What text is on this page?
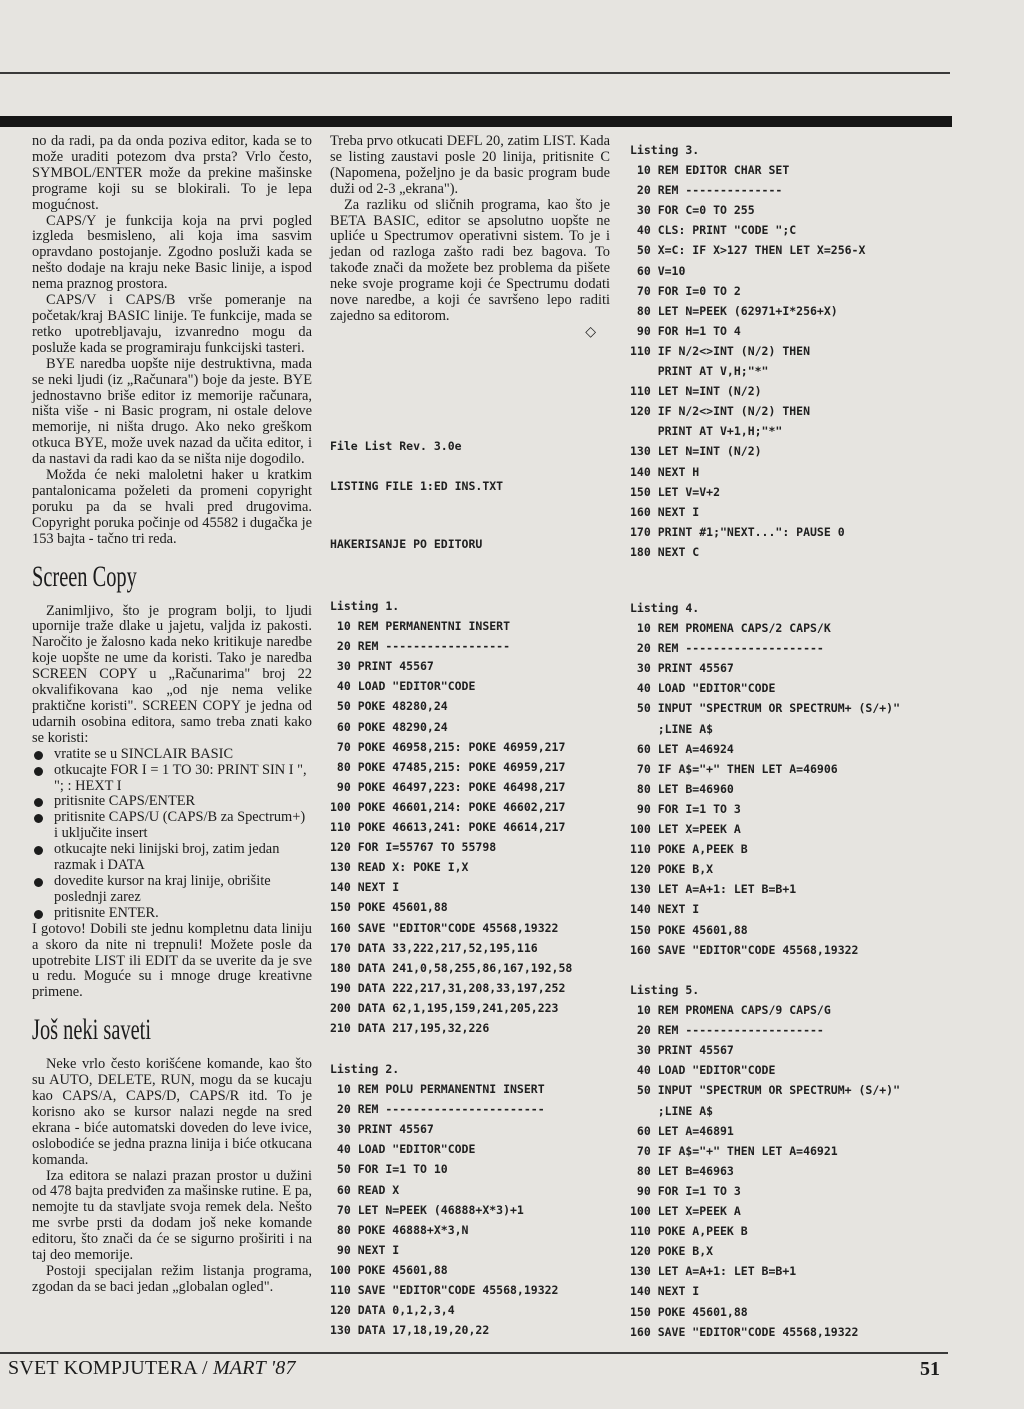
no da radi, pa da onda poziva editor, kada se to može uraditi potezom dva prsta? Vrlo često, SYMBOL/ENTER može da prekine mašinske programe koji su se blokirali. To je lepa mogućnost.

CAPS/Y je funkcija koja na prvi pogled izgleda besmisleno, ali koja ima sasvim opravdano postojanje. Zgodno posluži kada se nešto dodaje na kraju neke Basic linije, a ispod nema praznog prostora.

CAPS/V i CAPS/B vrše pomeranje na početak/kraj BASIC linije. Te funkcije, mada se retko upotrebljavaju, izvanredno mogu da posluže kada se programiraju funkcijski tasteri.

BYE naredba uopšte nije destruktivna, mada se neki ljudi (iz „Računara") boje da jeste. BYE jednostavno briše editor iz memorije računara, ništa više - ni Basic program, ni ostale delove memorije, ni ništa drugo. Ako neko greškom otkuca BYE, može uvek nazad da učita editor, i da nastavi da radi kao da se ništa nije dogodilo.

Možda će neki maloletni haker u kratkim pantalonicama poželeti da promeni copyright poruku pa da se hvali pred drugovima. Copyright poruka počinje od 45582 i dugačka je 153 bajta - tačno tri reda.

Screen Copy

Zanimljivo, što je program bolji, to ljudi upornije traže dlake u jajetu, valjda iz pakosti. Naročito je žalosno kada neko kritikuje naredbe koje uopšte ne ume da koristi. Tako je naredba SCREEN COPY u „Računarima" broj 22 okvalifikovana kao „od nje nema velike praktične koristi". SCREEN COPY je jedna od udarnih osobina editora, samo treba znati kako se koristi:

vratite se u SINCLAIR BASIC
otkucajte FOR I = 1 TO 30: PRINT SIN I ", "; : HEXT I
pritisnite CAPS/ENTER
pritisnite CAPS/U (CAPS/B za Spectrum+) i uključite insert
otkucajte neki linijski broj, zatim jedan razmak i DATA
dovedite kursor na kraj linije, obrišite poslednji zarez
pritisnite ENTER.

I gotovo! Dobili ste jednu kompletnu data liniju a skoro da nite ni trepnuli! Možete posle da upotrebite LIST ili EDIT da se uverite da je sve u redu. Moguće su i mnoge druge kreativne primene.

Još neki saveti

Neke vrlo često korišćene komande, kao što su AUTO, DELETE, RUN, mogu da se kucaju kao CAPS/A, CAPS/D, CAPS/R itd. To je korisno ako se kursor nalazi negde na sred ekrana - biće automatski doveden do leve ivice, oslobodiće se jedna prazna linija i biće otkucana komanda.

Iza editora se nalazi prazan prostor u dužini od 478 bajta predviđen za mašinske rutine. E pa, nemojte tu da stavljate svoja remek dela. Nešto me svrbe prsti da dodam još neke komande editoru, što znači da će se sigurno proširiti i na taj deo memorije.

Postoji specijalan režim listanja programa, zgodan da se baci jedan „globalan ogled".

Treba prvo otkucati DEFL 20, zatim LIST. Kada se listing zaustavi posle 20 linija, pritisnite C (Napomena, poželjno je da basic program bude duži od 2-3 „ekrana").

Za razliku od sličnih programa, kao što je BETA BASIC, editor se apsolutno uopšte ne upliće u Spectrumov operativni sistem. To je i jedan od razloga zašto radi bez bagova. To takođe znači da možete bez problema da pišete neke svoje programe koji će Spectrumu dodati nove naredbe, a koji će savršeno lepo raditi zajedno sa editorom.

◇
File List Rev. 3.0e
LISTING FILE 1:ED INS.TXT
HAKERISANJE PO EDITORU
Listing 1.
10 REM PERMANENTNI INSERT
20 REM ------------------
30 PRINT 45567
40 LOAD "EDITOR"CODE
50 POKE 48280,24
60 POKE 48290,24
70 POKE 46958,215: POKE 46959,217
80 POKE 47485,215: POKE 46959,217
90 POKE 46497,223: POKE 46498,217
100 POKE 46601,214: POKE 46602,217
110 POKE 46613,241: POKE 46614,217
120 FOR I=55767 TO 55798
130 READ X: POKE I,X
140 NEXT I
150 POKE 45601,88
160 SAVE "EDITOR"CODE 45568,19322
170 DATA 33,222,217,52,195,116
180 DATA 241,0,58,255,86,167,192,58
190 DATA 222,217,31,208,33,197,252
200 DATA 62,1,195,159,241,205,223
210 DATA 217,195,32,226
Listing 2.
10 REM POLU PERMANENTNI INSERT
20 REM -----------------------
30 PRINT 45567
40 LOAD "EDITOR"CODE
50 FOR I=1 TO 10
60 READ X
70 LET N=PEEK (46888+X*3)+1
80 POKE 46888+X*3,N
90 NEXT I
100 POKE 45601,88
110 SAVE "EDITOR"CODE 45568,19322
120 DATA 0,1,2,3,4
130 DATA 17,18,19,20,22
Listing 3.
10 REM EDITOR CHAR SET
20 REM --------------
30 FOR C=0 TO 255
40 CLS: PRINT "CODE ";C
50 X=C: IF X>127 THEN LET X=256-X
60 V=10
70 FOR I=0 TO 2
80 LET N=PEEK (62971+I*256+X)
90 FOR H=1 TO 4
110 IF N/2<>INT (N/2) THEN
PRINT AT V,H;"*"
110 LET N=INT (N/2)
120 IF N/2<>INT (N/2) THEN
PRINT AT V+1,H;"*"
130 LET N=INT (N/2)
140 NEXT H
150 LET V=V+2
160 NEXT I
170 PRINT #1;"NEXT...": PAUSE 0
180 NEXT C
Listing 4.
10 REM PROMENA CAPS/2 CAPS/K
20 REM --------------------
30 PRINT 45567
40 LOAD "EDITOR"CODE
50 INPUT "SPECTRUM OR SPECTRUM+ (S/+)"
;LINE A$
60 LET A=46924
70 IF A$="+" THEN LET A=46906
80 LET B=46960
90 FOR I=1 TO 3
100 LET X=PEEK A
110 POKE A,PEEK B
120 POKE B,X
130 LET A=A+1: LET B=B+1
140 NEXT I
150 POKE 45601,88
160 SAVE "EDITOR"CODE 45568,19322
Listing 5.
10 REM PROMENA CAPS/9 CAPS/G
20 REM --------------------
30 PRINT 45567
40 LOAD "EDITOR"CODE
50 INPUT "SPECTRUM OR SPECTRUM+ (S/+)"
;LINE A$
60 LET A=46891
70 IF A$="+" THEN LET A=46921
80 LET B=46963
90 FOR I=1 TO 3
100 LET X=PEEK A
110 POKE A,PEEK B
120 POKE B,X
130 LET A=A+1: LET B=B+1
140 NEXT I
150 POKE 45601,88
160 SAVE "EDITOR"CODE 45568,19322
SVET KOMPJUTERA / MART '87	51
